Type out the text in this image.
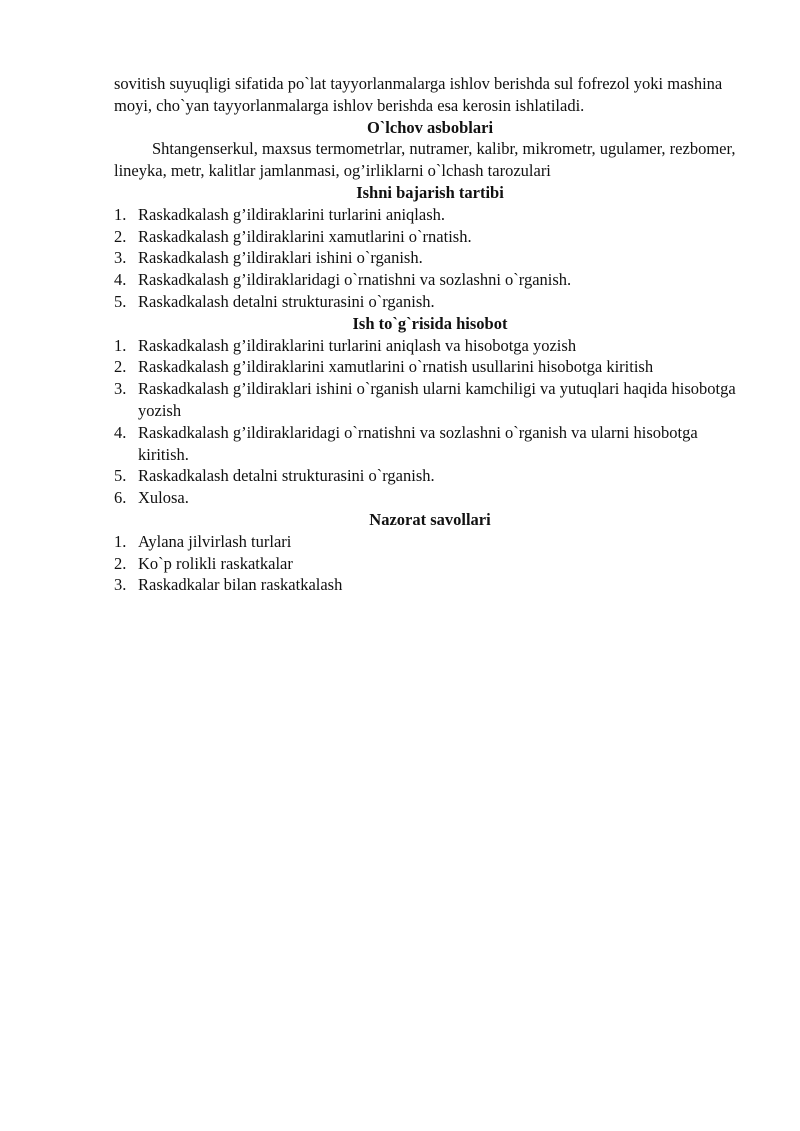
sovitish suyuqligi sifatida po`lat tayyorlanmalarga ishlov berishda sul fofrezol yoki mashina moyi, cho`yan tayyorlanmalarga ishlov berishda esa kerosin ishlatiladi.

O`lchov asboblari

Shtangenserkul, maxsus termometrlar, nutramer, kalibr, mikrometr, ugulamer, rezbomer, lineyka, metr, kalitlar jamlanmasi, og’irliklarni o`lchash tarozulari

Ishni bajarish tartibi
1. Raskadkalash g’ildiraklarini turlarini aniqlash.
2. Raskadkalash g’ildiraklarini xamutlarini o`rnatish.
3. Raskadkalash g’ildiraklari ishini o`rganish.
4. Raskadkalash g’ildiraklaridagi o`rnatishni va sozlashni o`rganish.
5. Raskadkalash detalni strukturasini o`rganish.
Ish to`g`risida hisobot
1. Raskadkalash g’ildiraklarini turlarini aniqlash va hisobotga yozish
2. Raskadkalash g’ildiraklarini xamutlarini o`rnatish usullarini hisobotga kiritish
3. Raskadkalash g’ildiraklari ishini o`rganish ularni kamchiligi va yutuqlari haqida hisobotga yozish
4. Raskadkalash g’ildiraklaridagi o`rnatishni va sozlashni o`rganish va ularni hisobotga kiritish.
5. Raskadkalash detalni strukturasini o`rganish.
6. Xulosa.
Nazorat savollari
1. Aylana jilvirlash turlari
2. Ko`p rolikli raskatkalar
3. Raskadkalar bilan raskatkalash
